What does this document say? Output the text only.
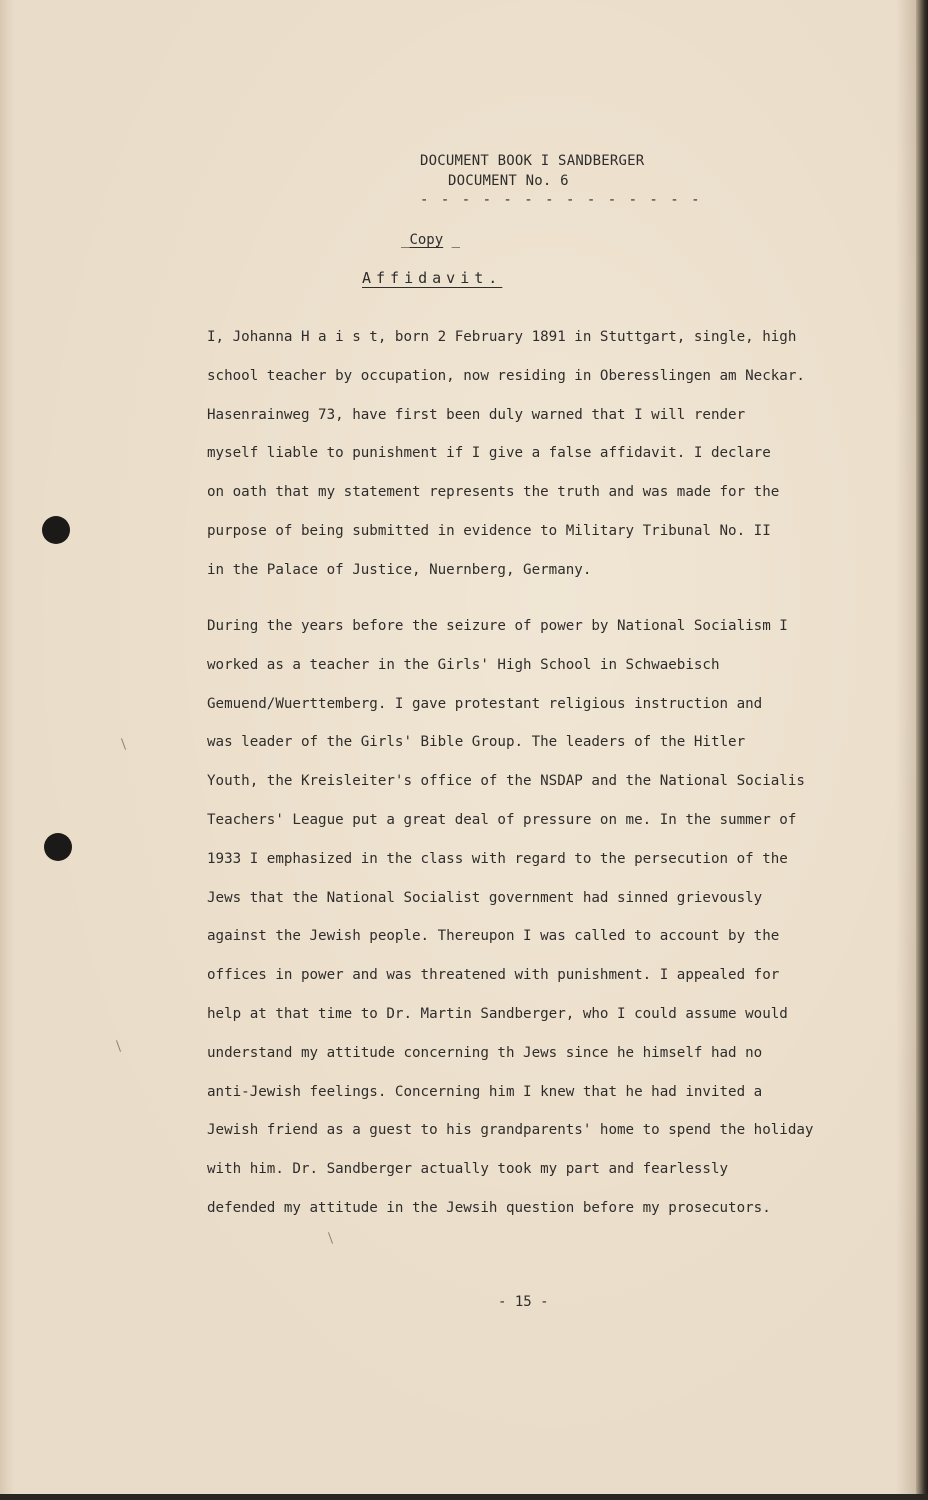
DOCUMENT BOOK I SANDBERGER
DOCUMENT No. 6
- - - - - - - - - - - - - -
_Copy _
Affidavit.
I, Johanna H a i s t, born 2 February 1891 in Stuttgart, single, high
school teacher by occupation, now residing in Oberesslingen am Neckar.
Hasenrainweg 73, have first been duly warned that I will render
myself liable to punishment if I give a false affidavit. I declare
on oath that my statement represents the truth and was made for the
purpose of being submitted in evidence to Military Tribunal No. II
in the Palace of Justice, Nuernberg, Germany.
During the years before the seizure of power by National Socialism I
worked as a teacher in the Girls' High School in Schwaebisch
Gemuend/Wuerttemberg. I gave protestant religious instruction and
was leader of the Girls' Bible Group. The leaders of the Hitler
Youth, the Kreisleiter's office of the NSDAP and the National Socialis
Teachers' League put a great deal of pressure on me. In the summer of
1933 I emphasized in the class with regard to the persecution of the
Jews that the National Socialist government had sinned grievously
against the Jewish people. Thereupon I was called to account by the
offices in power and was threatened with punishment. I appealed for
help at that time to Dr. Martin Sandberger, who I could assume would
understand my attitude concerning th Jews since he himself had no
anti-Jewish feelings. Concerning him I knew that he had invited a
Jewish friend as a guest to his grandparents' home to spend the holiday
with him. Dr. Sandberger actually took my part and fearlessly
defended my attitude in the Jewsih question before my prosecutors.
- 15 -
